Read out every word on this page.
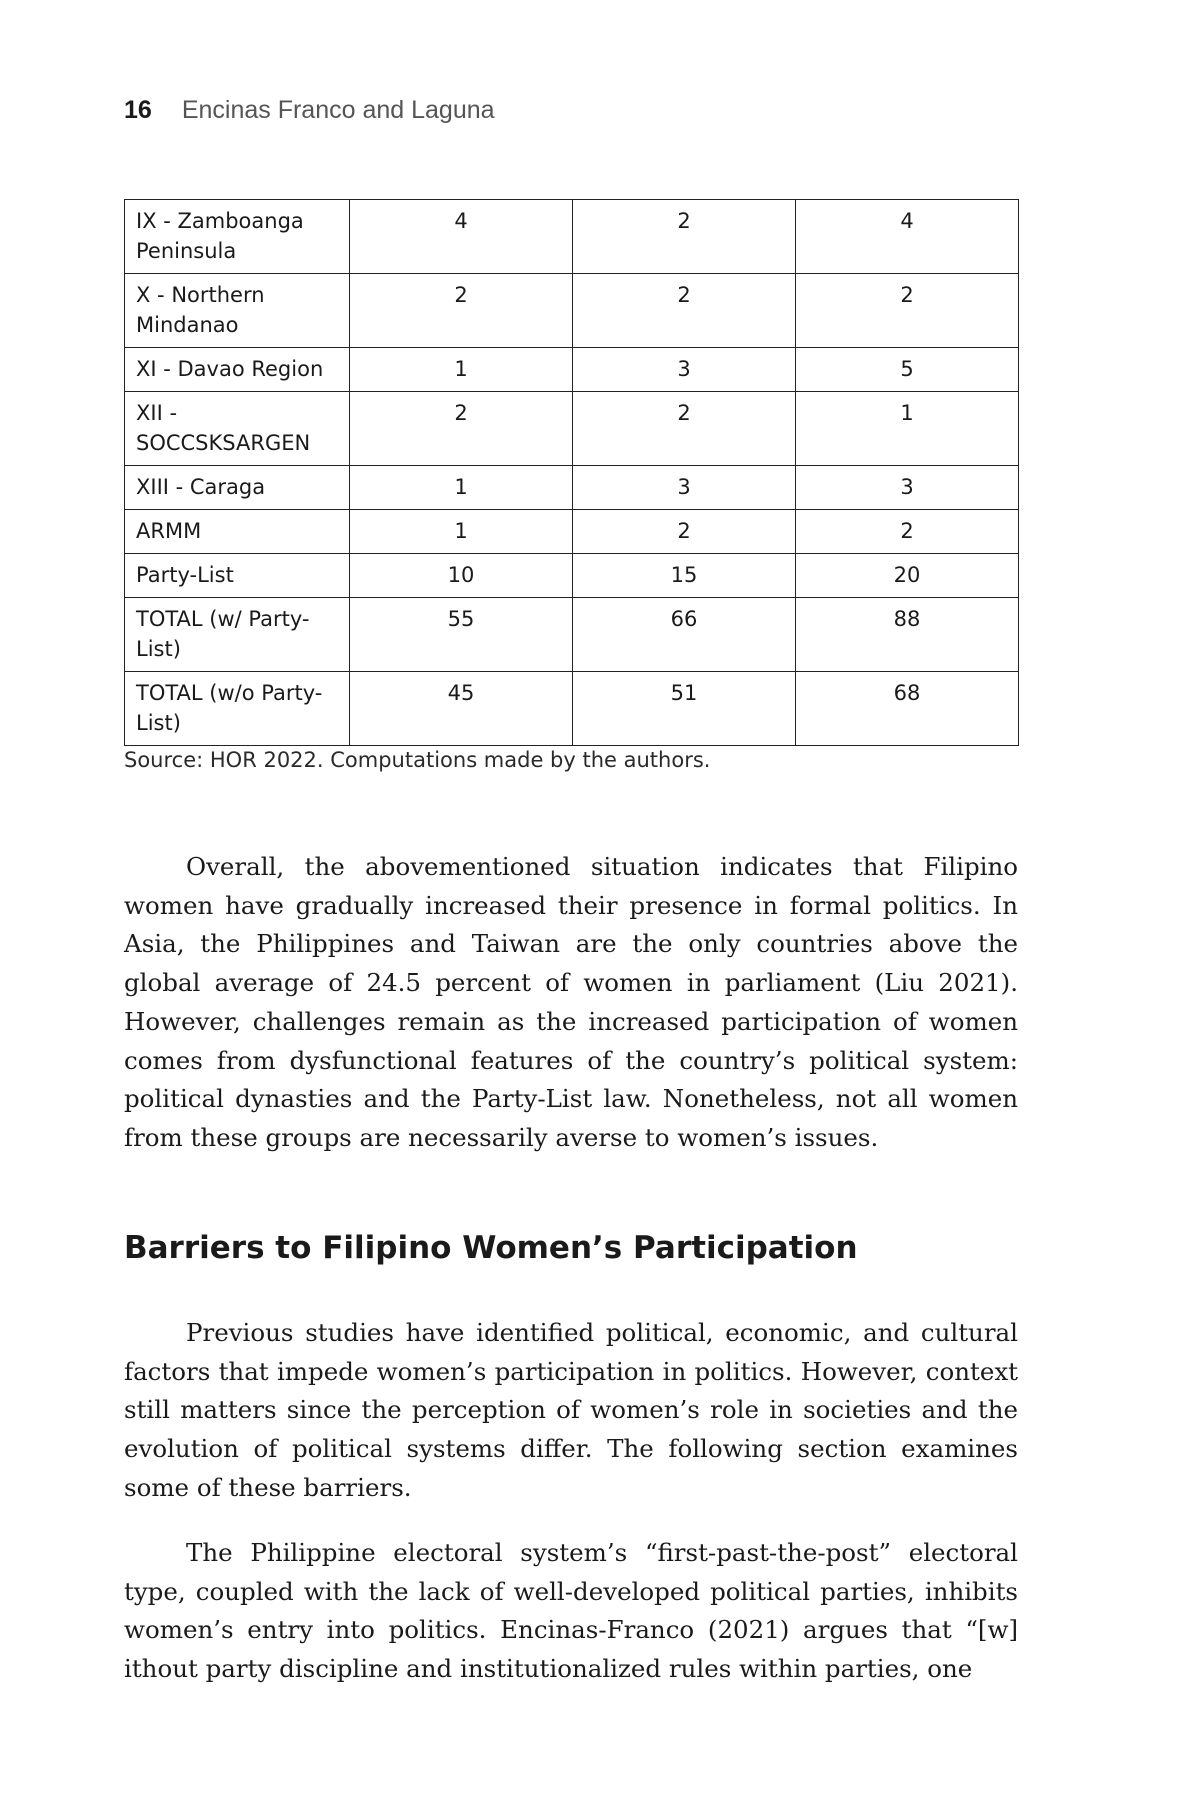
16 Encinas Franco and Laguna
IX - Zamboanga Peninsula	4	2	4
X - Northern Mindanao	2	2	2
XI - Davao Region	1	3	5
XII - SOCCSKSARGEN	2	2	1
XIII - Caraga	1	3	3
ARMM	1	2	2
Party-List	10	15	20
TOTAL (w/ Party-List)	55	66	88
TOTAL (w/o Party-List)	45	51	68
Source: HOR 2022. Computations made by the authors.

Overall, the abovementioned situation indicates that Filipino women have gradually increased their presence in formal politics. In Asia, the Philippines and Taiwan are the only countries above the global average of 24.5 percent of women in parliament (Liu 2021). However, challenges remain as the increased participation of women comes from dysfunctional features of the country’s political system: political dynasties and the Party-List law. Nonetheless, not all women from these groups are necessarily averse to women’s issues.

Barriers to Filipino Women’s Participation

Previous studies have identified political, economic, and cultural factors that impede women’s participation in politics. However, context still matters since the perception of women’s role in societies and the evolution of political systems differ. The following section examines some of these barriers.

The Philippine electoral system’s “first-past-the-post” electoral type, coupled with the lack of well-developed political parties, inhibits women’s entry into politics. Encinas-Franco (2021) argues that “[w] ithout party discipline and institutionalized rules within parties, one
